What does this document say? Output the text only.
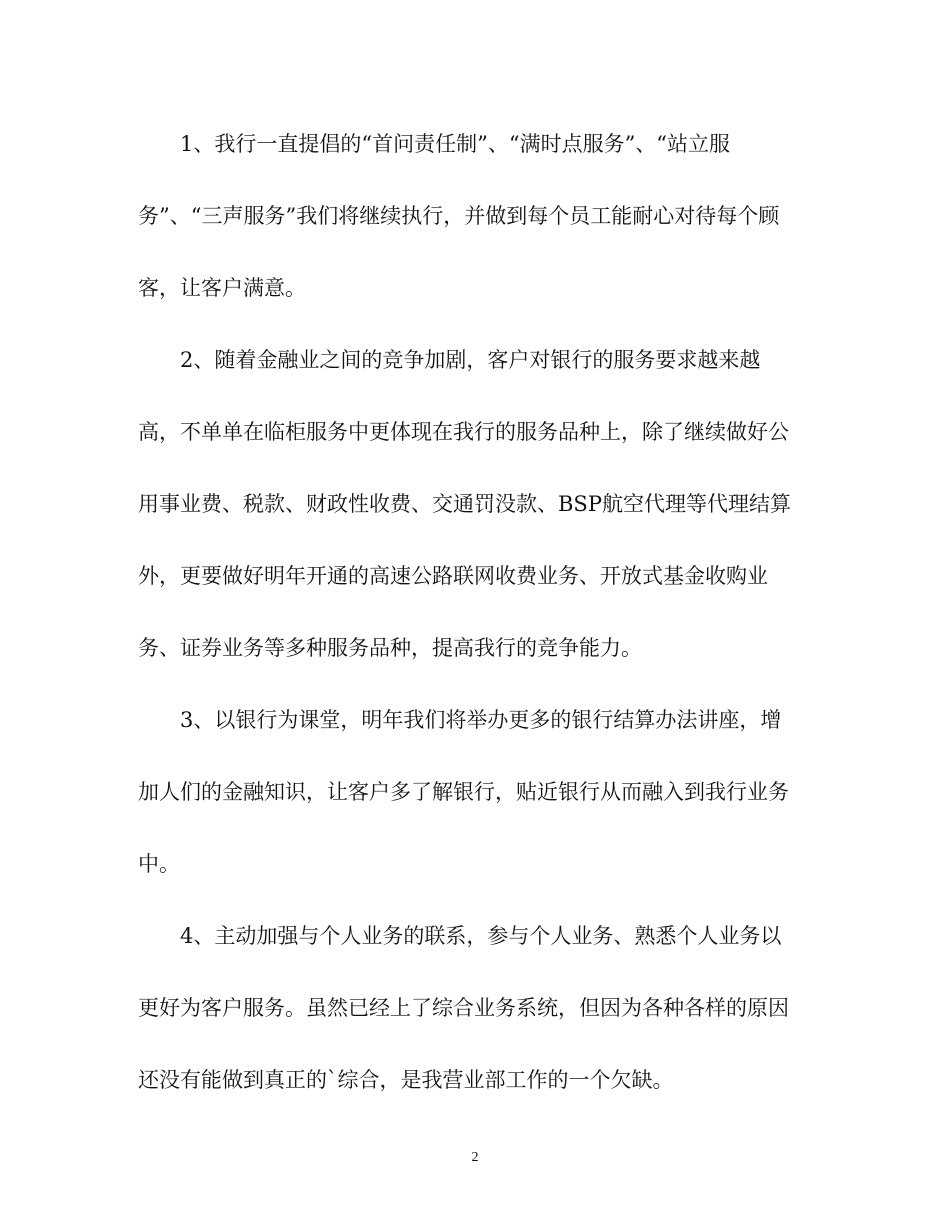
1、我行一直提倡的“首问责任制”、“满时点服务”、“站立服
务”、“三声服务”我们将继续执行，并做到每个员工能耐心对待每个顾
客，让客户满意。
2、随着金融业之间的竞争加剧，客户对银行的服务要求越来越
高，不单单在临柜服务中更体现在我行的服务品种上，除了继续做好公
用事业费、税款、财政性收费、交通罚没款、BSP航空代理等代理结算
外，更要做好明年开通的高速公路联网收费业务、开放式基金收购业
务、证券业务等多种服务品种，提高我行的竞争能力。
3、以银行为课堂，明年我们将举办更多的银行结算办法讲座，增
加人们的金融知识，让客户多了解银行，贴近银行从而融入到我行业务
中。
4、主动加强与个人业务的联系，参与个人业务、熟悉个人业务以
更好为客户服务。虽然已经上了综合业务系统，但因为各种各样的原因
还没有能做到真正的`综合，是我营业部工作的一个欠缺。
2
